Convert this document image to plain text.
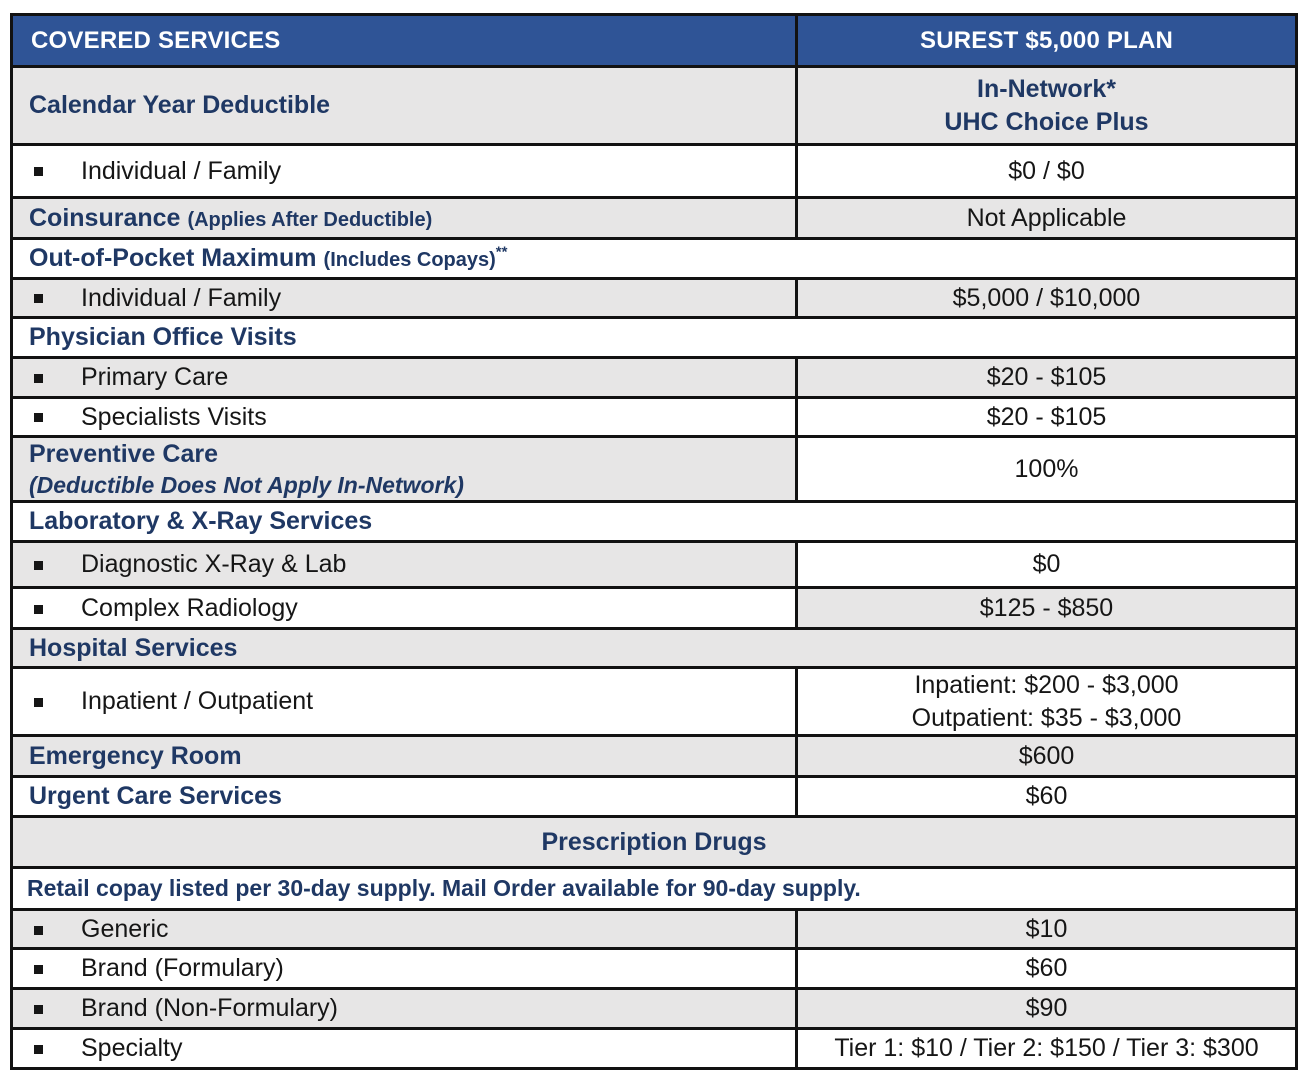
COVERED SERVICES	SUREST $5,000 PLAN
Calendar Year Deductible	In-Network*
UHC Choice Plus

Individual / Family	$0 / $0
Coinsurance (Applies After Deductible)	Not Applicable
Out-of-Pocket Maximum (Includes Copays)**
Individual / Family	$5,000 / $10,000
Physician Office Visits	
Primary Care	$20 - $105
Specialists Visits	$20 - $105

Preventive Care
(Deductible Does Not Apply In-Network)	100%
Laboratory & X-Ray Services	
Diagnostic X-Ray & Lab	$0
Complex Radiology	$125 - $850
Hospital Services	
Inpatient / Outpatient	Inpatient: $200 - $3,000
Outpatient: $35 - $3,000

Emergency Room	$600
Urgent Care Services	$60
Prescription Drugs	
Retail copay listed per 30-day supply. Mail Order available for 90-day supply.	
Generic	$10
Brand (Formulary)	$60
Brand (Non-Formulary)	$90
Specialty	Tier 1: $10 / Tier 2: $150 / Tier 3: $300
